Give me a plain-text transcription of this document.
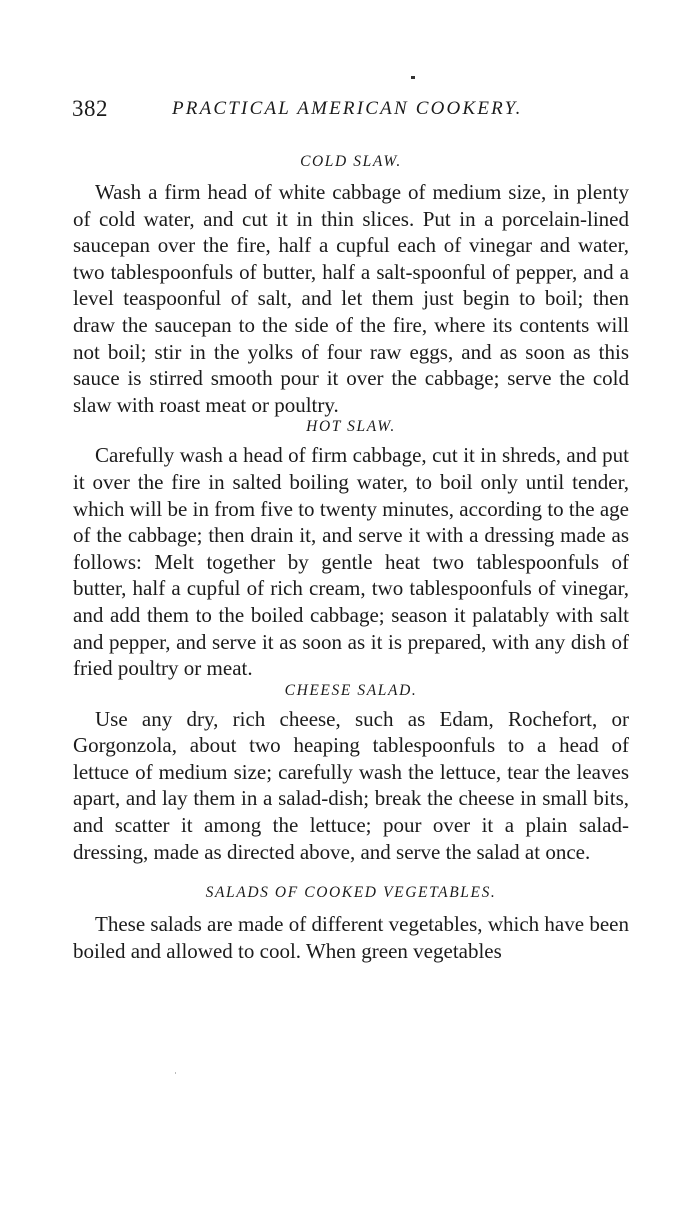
382	PRACTICAL AMERICAN COOKERY.

COLD SLAW.

Wash a firm head of white cabbage of medium size, in plenty of cold water, and cut it in thin slices. Put in a porcelain-lined saucepan over the fire, half a cupful each of vinegar and water, two tablespoonfuls of butter, half a salt-spoonful of pepper, and a level teaspoonful of salt, and let them just begin to boil; then draw the saucepan to the side of the fire, where its contents will not boil; stir in the yolks of four raw eggs, and as soon as this sauce is stirred smooth pour it over the cabbage; serve the cold slaw with roast meat or poultry.

HOT SLAW.

Carefully wash a head of firm cabbage, cut it in shreds, and put it over the fire in salted boiling water, to boil only until tender, which will be in from five to twenty minutes, according to the age of the cabbage; then drain it, and serve it with a dressing made as follows: Melt together by gentle heat two tablespoonfuls of butter, half a cupful of rich cream, two tablespoonfuls of vinegar, and add them to the boiled cabbage; season it palatably with salt and pepper, and serve it as soon as it is prepared, with any dish of fried poultry or meat.

CHEESE SALAD.

Use any dry, rich cheese, such as Edam, Rochefort, or Gorgonzola, about two heaping tablespoonfuls to a head of lettuce of medium size; carefully wash the lettuce, tear the leaves apart, and lay them in a salad-dish; break the cheese in small bits, and scatter it among the lettuce; pour over it a plain salad-dressing, made as directed above, and serve the salad at once.

SALADS OF COOKED VEGETABLES.

These salads are made of different vegetables, which have been boiled and allowed to cool. When green vegetables
